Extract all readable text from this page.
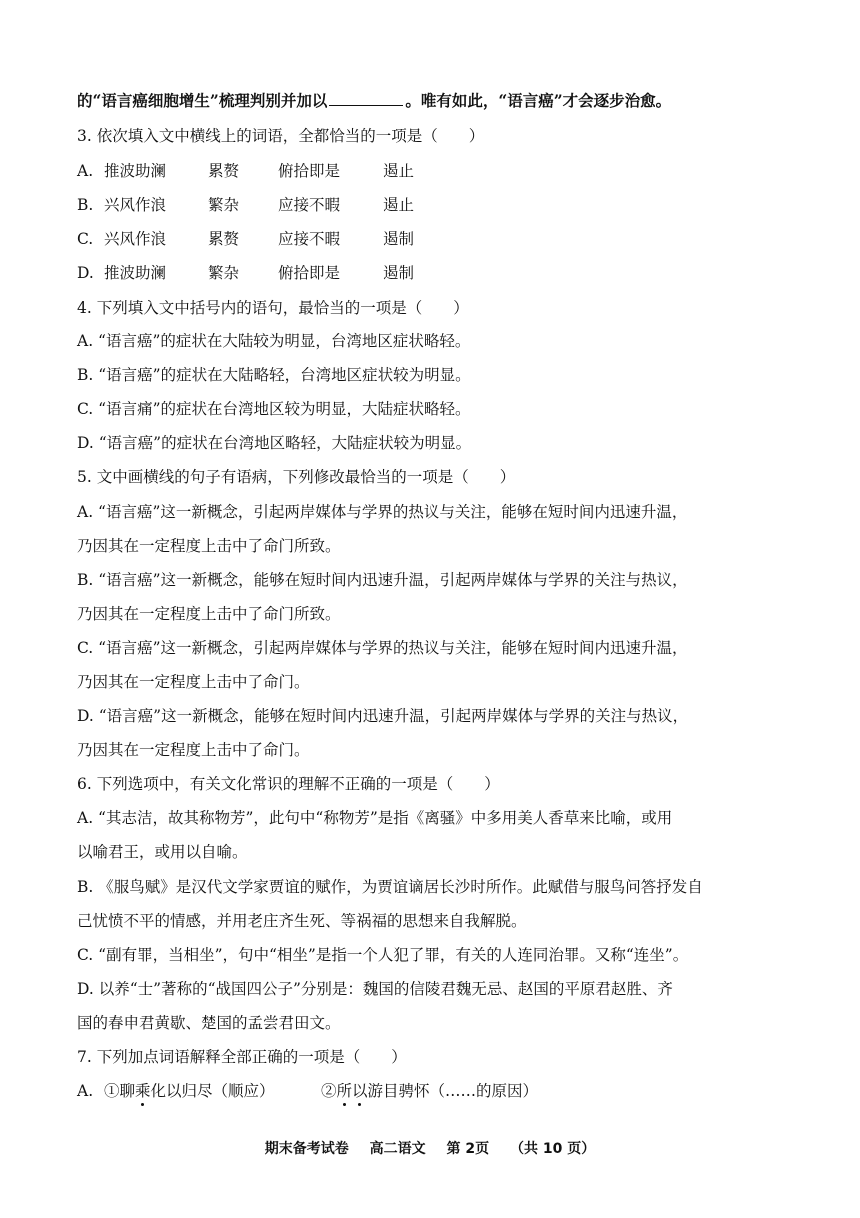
的“语言癌细胞增生”梳理判别并加以	。唯有如此，“语言癌”才会逐步治愈。
3. 依次填入文中横线上的词语，全都恰当的一项是（　　）
A. 推波助澜	累赘	俯拾即是	遏止
B. 兴风作浪	繁杂	应接不暇	遏止
C. 兴风作浪	累赘	应接不暇	遏制
D. 推波助澜	繁杂	俯拾即是	遏制
4. 下列填入文中括号内的语句，最恰当的一项是（　　）
A. “语言癌”的症状在大陆较为明显，台湾地区症状略轻。
B. “语言癌”的症状在大陆略轻，台湾地区症状较为明显。
C. “语言痛”的症状在台湾地区较为明显，大陆症状略轻。
D. “语言癌”的症状在台湾地区略轻，大陆症状较为明显。
5. 文中画横线的句子有语病，下列修改最恰当的一项是（　　）
A. “语言癌”这一新概念，引起两岸媒体与学界的热议与关注，能够在短时间内迅速升温，
乃因其在一定程度上击中了命门所致。
B. “语言癌”这一新概念，能够在短时间内迅速升温，引起两岸媒体与学界的关注与热议，
乃因其在一定程度上击中了命门所致。
C. “语言癌”这一新概念，引起两岸媒体与学界的热议与关注，能够在短时间内迅速升温，
乃因其在一定程度上击中了命门。
D. “语言癌”这一新概念，能够在短时间内迅速升温，引起两岸媒体与学界的关注与热议，
乃因其在一定程度上击中了命门。
6. 下列选项中，有关文化常识的理解不正确的一项是（　　）
A. “其志洁，故其称物芳”，此句中“称物芳”是指《离骚》中多用美人香草来比喻，或用
以喻君王，或用以自喻。
B. 《服鸟赋》是汉代文学家贾谊的赋作，为贾谊谪居长沙时所作。此赋借与服鸟问答抒发自
己忧愤不平的情感，并用老庄齐生死、等祸福的思想来自我解脱。
C. “副有罪，当相坐”，句中“相坐”是指一个人犯了罪，有关的人连同治罪。又称“连坐”。
D. 以养“士”著称的“战国四公子”分别是：魏国的信陵君魏无忌、赵国的平原君赵胜、齐
国的春申君黄歇、楚国的孟尝君田文。
7. 下列加点词语解释全部正确的一项是（　　）
A. ①聊乘化以归尽（顺应）	②所以游目骋怀（……的原因）
期末备考试卷 高二语文 第 2页 （共 10 页）
